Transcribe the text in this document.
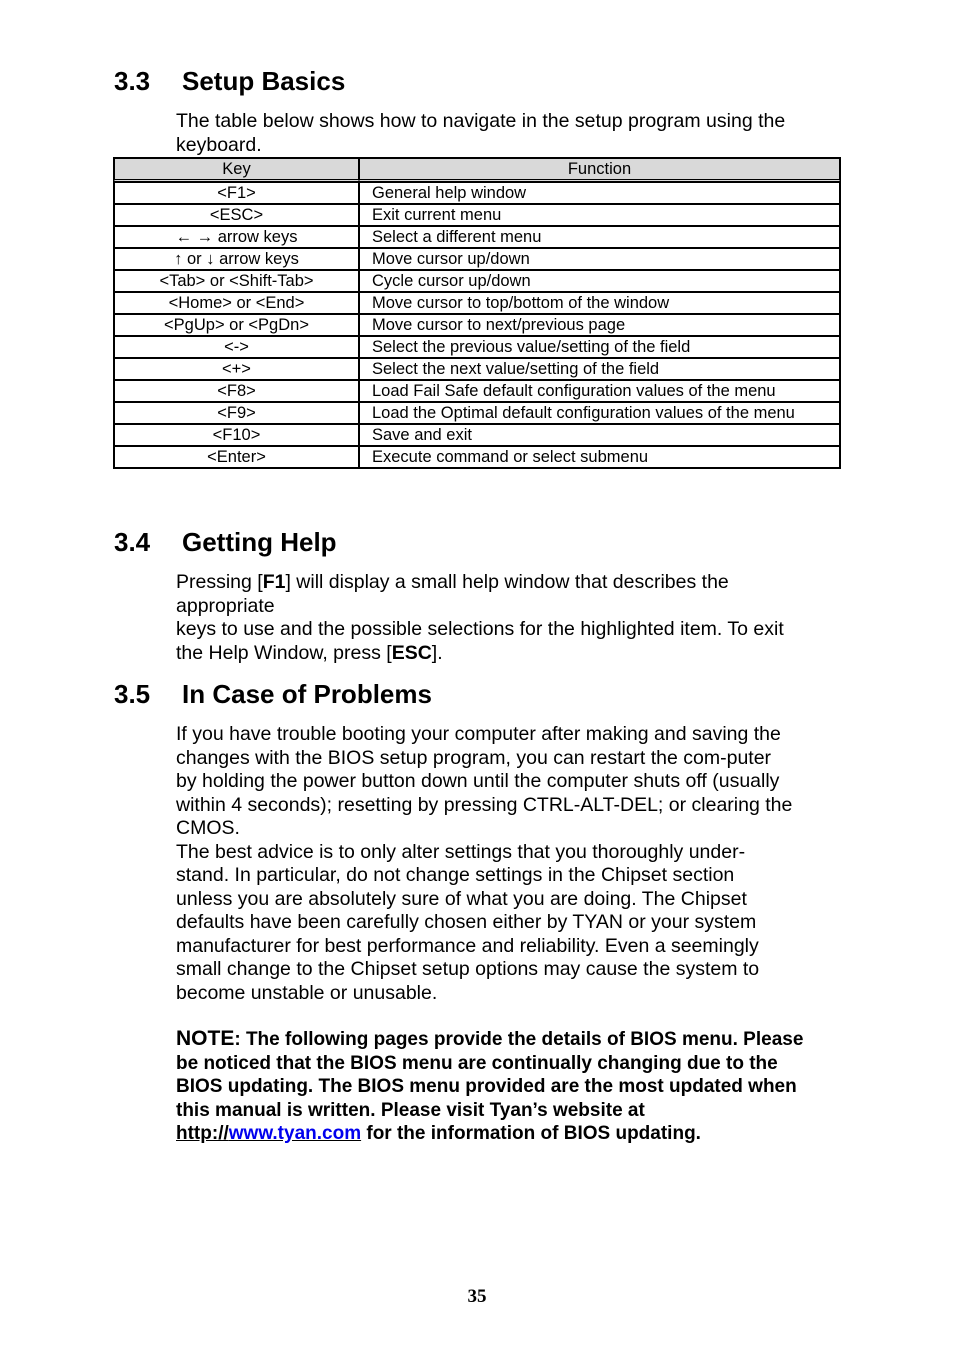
3.3 Setup Basics

The table below shows how to navigate in the setup program using the keyboard.

Key	Function
<F1>	General help window
<ESC>	Exit current menu
← → arrow keys	Select a different menu
↑ or ↓ arrow keys	Move cursor up/down
<Tab> or <Shift-Tab>	Cycle cursor up/down
<Home> or <End>	Move cursor to top/bottom of the window
<PgUp> or <PgDn>	Move cursor to next/previous page
<->	Select the previous value/setting of the field
<+>	Select the next value/setting of the field
<F8>	Load Fail Safe default configuration values of the menu
<F9>	Load the Optimal default configuration values of the menu
<F10>	Save and exit
<Enter>	Execute command or select submenu
3.4 Getting Help

Pressing [F1] will display a small help window that describes the appropriate

keys to use and the possible selections for the highlighted item. To exit the Help Window, press [ESC].

3.5 In Case of Problems

If you have trouble booting your computer after making and saving the changes with the BIOS setup program, you can restart the com-puter by holding the power button down until the computer shuts off (usually within 4 seconds); resetting by pressing CTRL-ALT-DEL; or clearing the CMOS.

The best advice is to only alter settings that you thoroughly under-stand. In particular, do not change settings in the Chipset section unless you are absolutely sure of what you are doing. The Chipset defaults have been carefully chosen either by TYAN or your system manufacturer for best performance and reliability. Even a seemingly small change to the Chipset setup options may cause the system to become unstable or unusable.

NOTE: The following pages provide the details of BIOS menu. Please be noticed that the BIOS menu are continually changing due to the BIOS updating. The BIOS menu provided are the most updated when this manual is written. Please visit Tyan’s website at http://www.tyan.com for the information of BIOS updating.
35
